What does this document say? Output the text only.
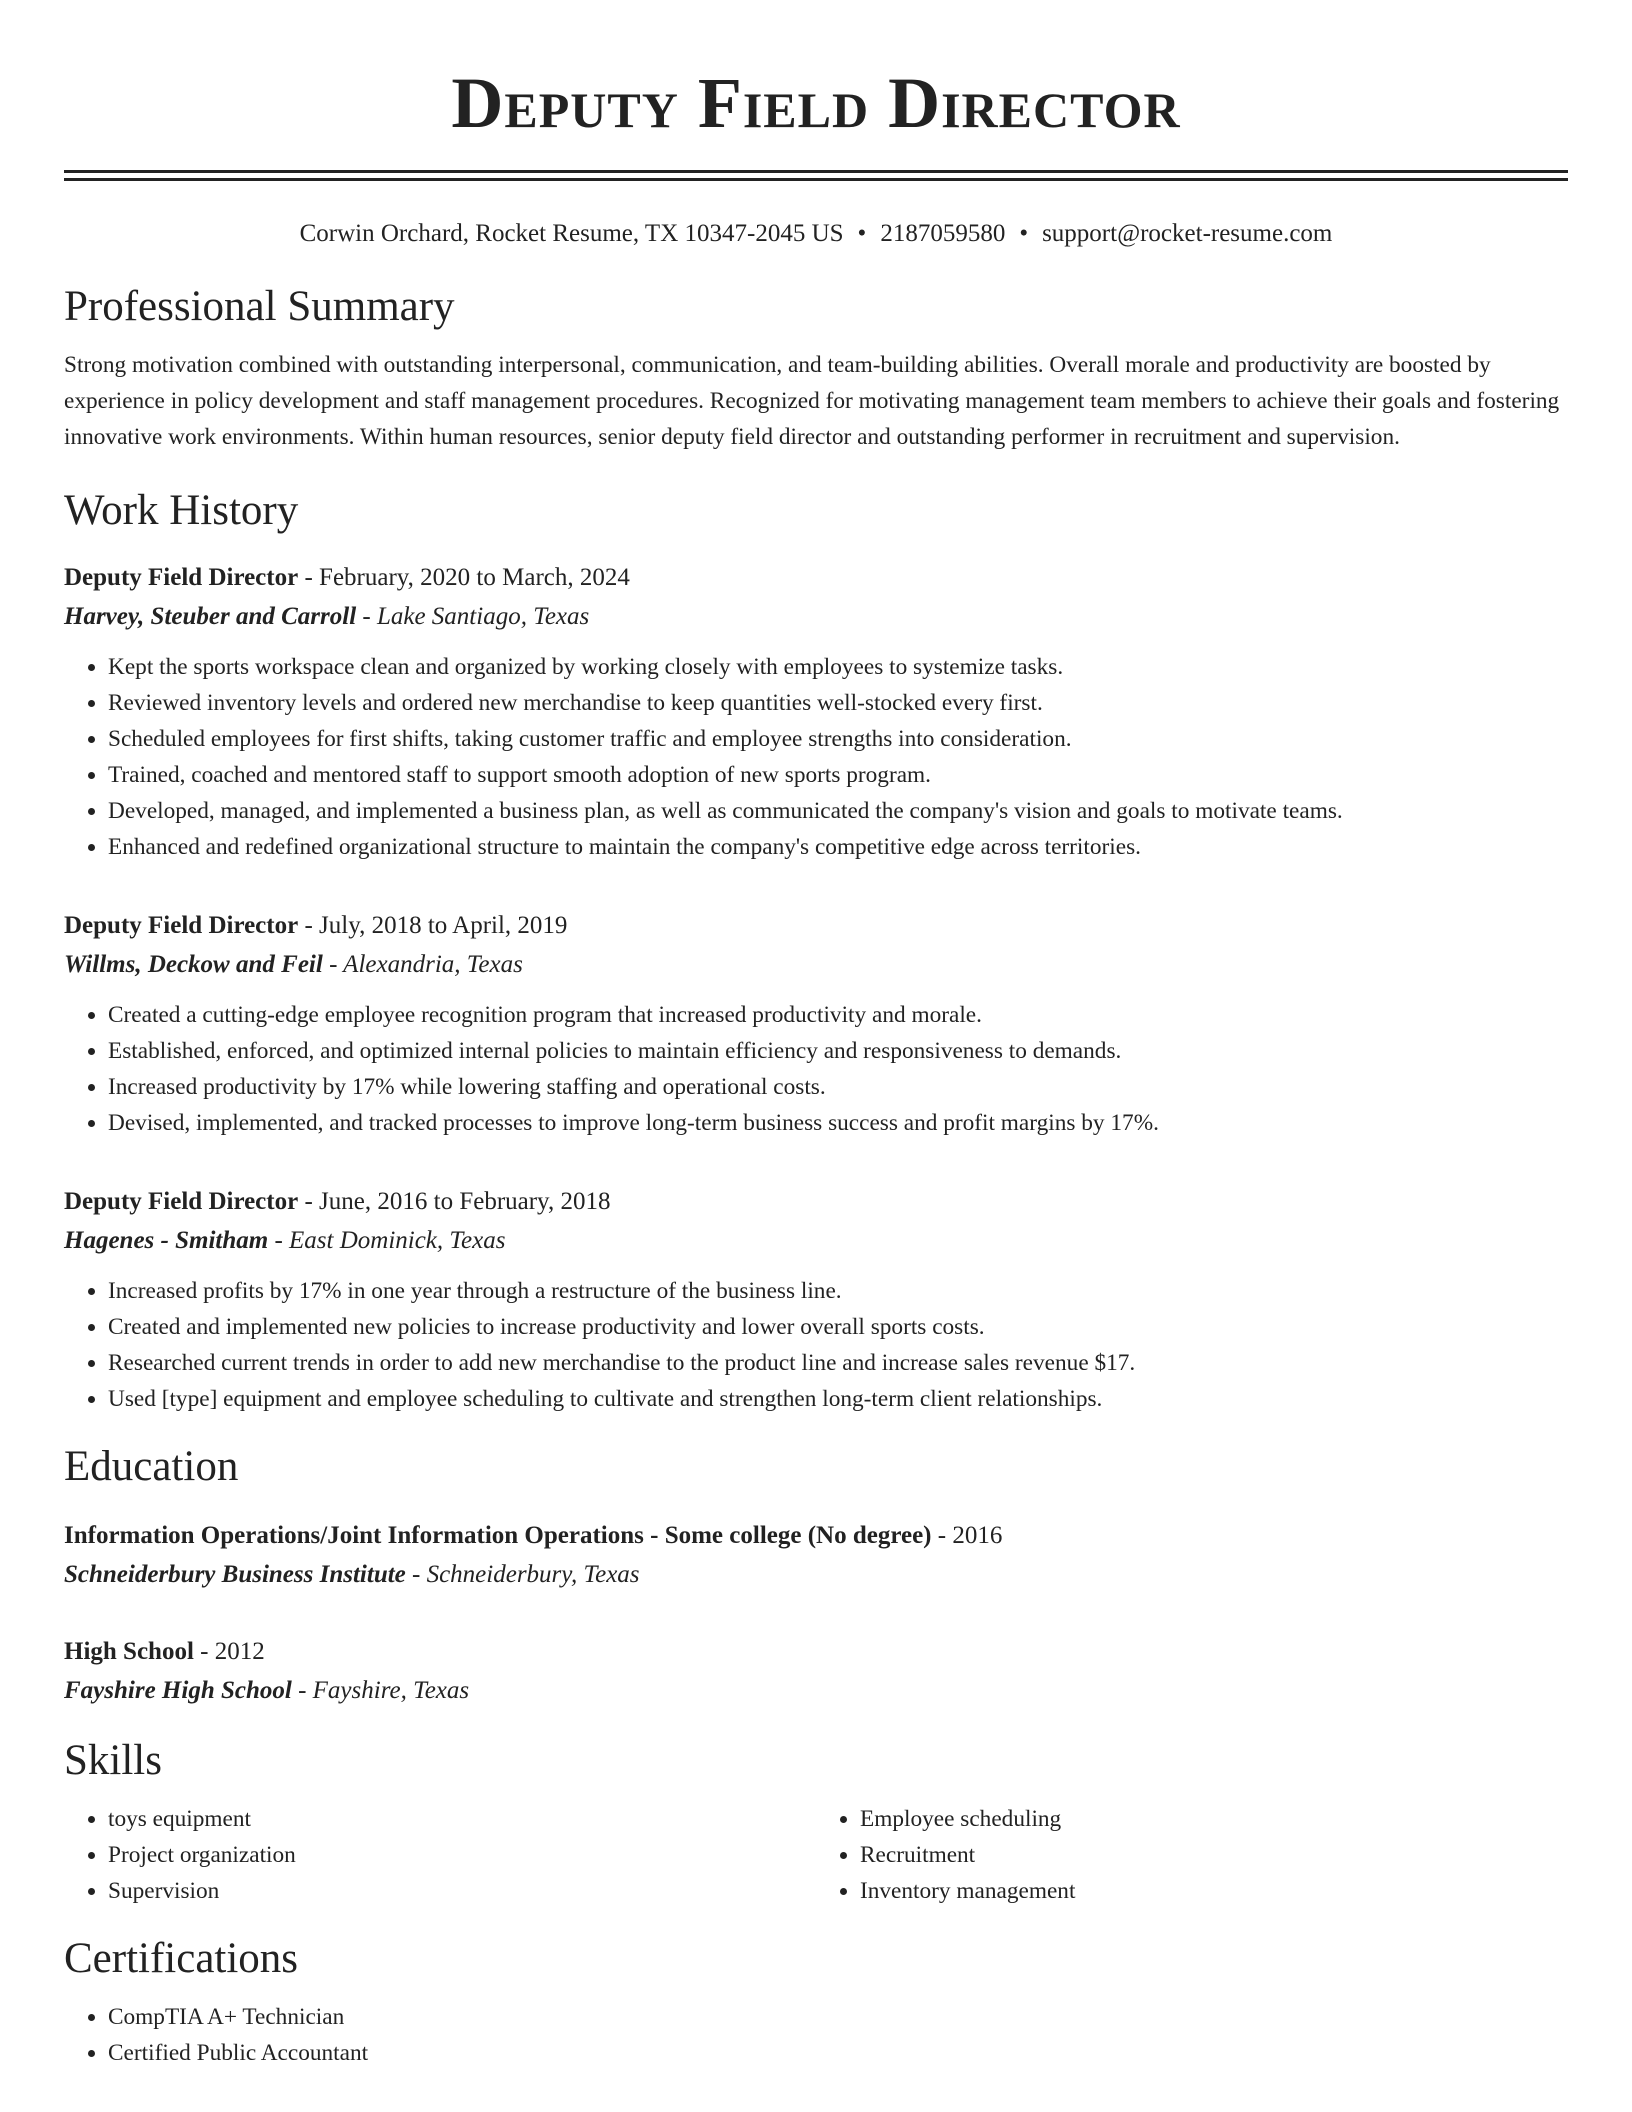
Deputy Field Director
Corwin Orchard, Rocket Resume, TX 10347-2045 US • 2187059580 • support@rocket-resume.com
Professional Summary
Strong motivation combined with outstanding interpersonal, communication, and team-building abilities. Overall morale and productivity are boosted by experience in policy development and staff management procedures. Recognized for motivating management team members to achieve their goals and fostering innovative work environments. Within human resources, senior deputy field director and outstanding performer in recruitment and supervision.
Work History
Deputy Field Director - February, 2020 to March, 2024
Harvey, Steuber and Carroll - Lake Santiago, Texas
• Kept the sports workspace clean and organized by working closely with employees to systemize tasks.
• Reviewed inventory levels and ordered new merchandise to keep quantities well-stocked every first.
• Scheduled employees for first shifts, taking customer traffic and employee strengths into consideration.
• Trained, coached and mentored staff to support smooth adoption of new sports program.
• Developed, managed, and implemented a business plan, as well as communicated the company's vision and goals to motivate teams.
• Enhanced and redefined organizational structure to maintain the company's competitive edge across territories.
Deputy Field Director - July, 2018 to April, 2019
Willms, Deckow and Feil - Alexandria, Texas
• Created a cutting-edge employee recognition program that increased productivity and morale.
• Established, enforced, and optimized internal policies to maintain efficiency and responsiveness to demands.
• Increased productivity by 17% while lowering staffing and operational costs.
• Devised, implemented, and tracked processes to improve long-term business success and profit margins by 17%.
Deputy Field Director - June, 2016 to February, 2018
Hagenes - Smitham - East Dominick, Texas
• Increased profits by 17% in one year through a restructure of the business line.
• Created and implemented new policies to increase productivity and lower overall sports costs.
• Researched current trends in order to add new merchandise to the product line and increase sales revenue $17.
• Used [type] equipment and employee scheduling to cultivate and strengthen long-term client relationships.
Education
Information Operations/Joint Information Operations - Some college (No degree) - 2016
Schneiderbury Business Institute - Schneiderbury, Texas
High School - 2012
Fayshire High School - Fayshire, Texas
Skills
• toys equipment
• Project organization
• Supervision
• Employee scheduling
• Recruitment
• Inventory management
Certifications
• CompTIA A+ Technician
• Certified Public Accountant
